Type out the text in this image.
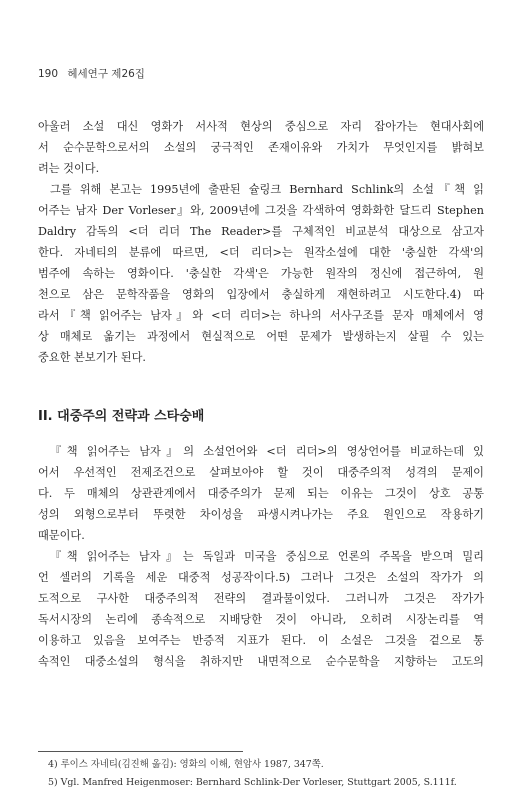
190 헤세연구 제26집
아울러 소설 대신 영화가 서사적 현상의 중심으로 자리 잡아가는 현대사회에
서 순수문학으로서의 소설의 궁극적인 존재이유와 가치가 무엇인지를 밝혀보
려는 것이다.
그를 위해 본고는 1995년에 출판된 슐링크 Bernhard Schlink의 소설『책 읽
어주는 남자 Der Vorleser』와, 2009년에 그것을 각색하여 영화화한 달드리 Stephen
Daldry 감독의 <더 리더 The Reader>를 구체적인 비교분석 대상으로 삼고자
한다. 자네티의 분류에 따르면, <더 리더>는 원작소설에 대한 '충실한 각색'의
범주에 속하는 영화이다. '충실한 각색'은 가능한 원작의 정신에 접근하여, 원
천으로 삼은 문학작품을 영화의 입장에서 충실하게 재현하려고 시도한다.4) 따
라서『책 읽어주는 남자』와 <더 리더>는 하나의 서사구조를 문자 매체에서 영
상 매체로 옮기는 과정에서 현실적으로 어떤 문제가 발생하는지 살필 수 있는
중요한 본보기가 된다.
II. 대중주의 전략과 스타숭배
『책 읽어주는 남자』의 소설언어와 <더 리더>의 영상언어를 비교하는데 있
어서 우선적인 전제조건으로 살펴보아야 할 것이 대중주의적 성격의 문제이
다. 두 매체의 상관관계에서 대중주의가 문제 되는 이유는 그것이 상호 공통
성의 외형으로부터 뚜렷한 차이성을 파생시켜나가는 주요 원인으로 작용하기
때문이다.
『책 읽어주는 남자』는 독일과 미국을 중심으로 언론의 주목을 받으며 밀리
언 셀러의 기록을 세운 대중적 성공작이다.5) 그러나 그것은 소설의 작가가 의
도적으로 구사한 대중주의적 전략의 결과물이었다. 그러니까 그것은 작가가
독서시장의 논리에 종속적으로 지배당한 것이 아니라, 오히려 시장논리를 역
이용하고 있음을 보여주는 반증적 지표가 된다. 이 소설은 그것을 겉으로 통
속적인 대중소설의 형식을 취하지만 내면적으로 순수문학을 지향하는 고도의
4) 루이스 자네티(김진해 옮김): 영화의 이해, 현암사 1987, 347쪽.
5) Vgl. Manfred Heigenmoser: Bernhard Schlink-Der Vorleser, Stuttgart 2005, S.111f.
